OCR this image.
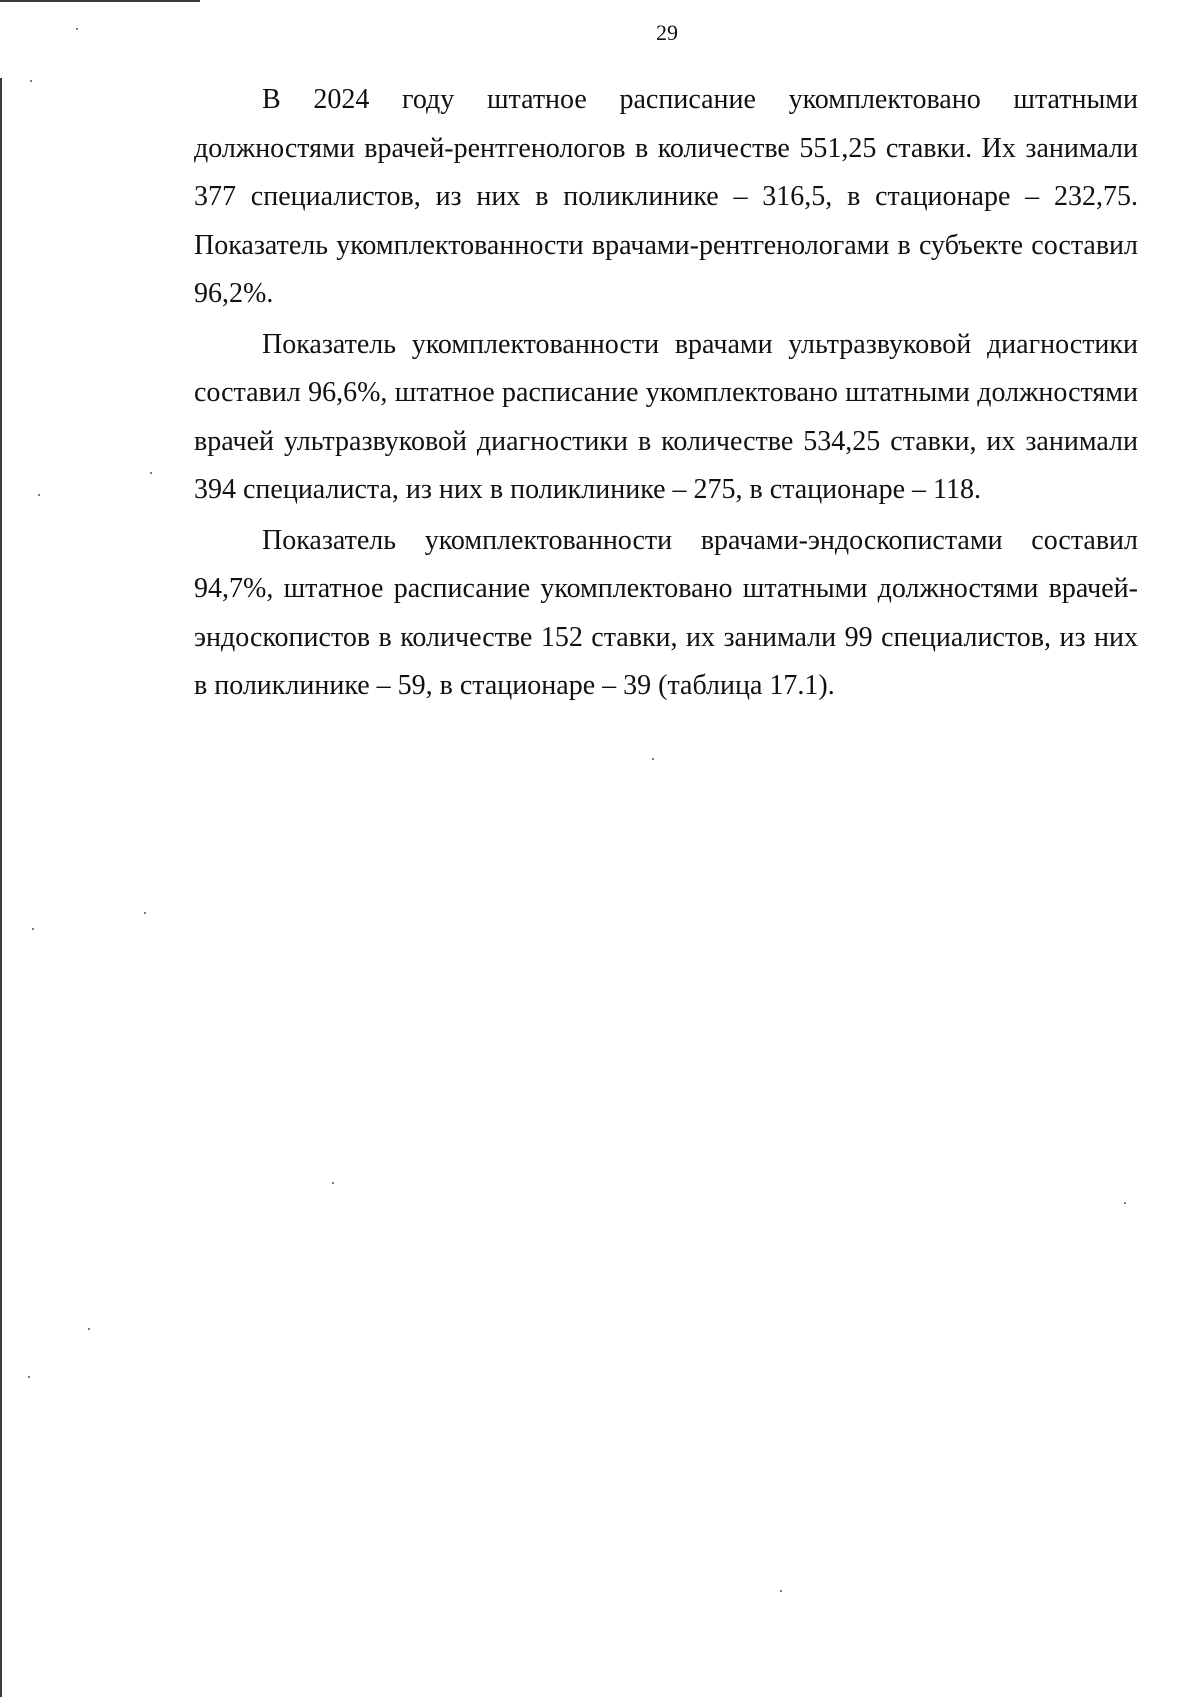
29

В 2024 году штатное расписание укомплектовано штатными должностями врачей-рентгенологов в количестве 551,25 ставки. Их занимали 377 специалистов, из них в поликлинике – 316,5, в стационаре – 232,75. Показатель укомплектованности врачами-рентгенологами в субъекте составил 96,2%.

Показатель укомплектованности врачами ультразвуковой диагностики составил 96,6%, штатное расписание укомплектовано штатными должностями врачей ультразвуковой диагностики в количестве 534,25 ставки, их занимали 394 специалиста, из них в поликлинике – 275, в стационаре – 118.

Показатель укомплектованности врачами-эндоскопистами составил 94,7%, штатное расписание укомплектовано штатными должностями врачей-эндоскопистов в количестве 152 ставки, их занимали 99 специалистов, из них в поликлинике – 59, в стационаре – 39 (таблица 17.1).
